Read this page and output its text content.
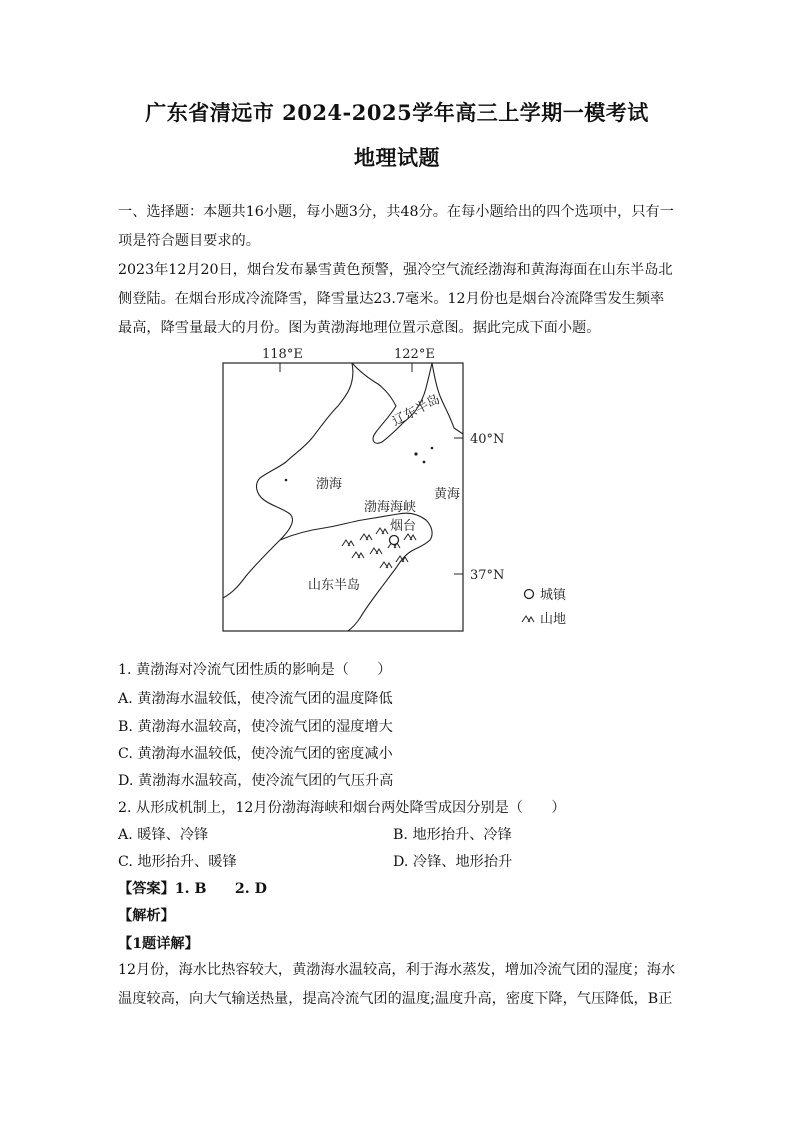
广东省清远市 2024-2025学年高三上学期一模考试
地理试题

一、选择题：本题共16小题，每小题3分，共48分。在每小题给出的四个选项中，只有一项是符合题目要求的。

2023年12月20日，烟台发布暴雪黄色预警，强冷空气流经渤海和黄海海面在山东半岛北侧登陆。在烟台形成冷流降雪，降雪量达23.7毫米。12月份也是烟台冷流降雪发生频率最高，降雪量最大的月份。图为黄渤海地理位置示意图。据此完成下面小题。

118°E	122°E
40°N
37°N
辽东半岛
渤海
渤海海峡
黄海
烟台
山东半岛
城镇
山地
1. 黄渤海对冷流气团性质的影响是（　　）
A. 黄渤海水温较低，使冷流气团的温度降低
B. 黄渤海水温较高，使冷流气团的湿度增大
C. 黄渤海水温较低，使冷流气团的密度减小
D. 黄渤海水温较高，使冷流气团的气压升高
2. 从形成机制上，12月份渤海海峡和烟台两处降雪成因分别是（　　）
A. 暖锋、冷锋	B. 地形抬升、冷锋
C. 地形抬升、暖锋	D. 冷锋、地形抬升
【答案】1. B　　2. D
【解析】
【1题详解】

12月份，海水比热容较大，黄渤海水温较高，利于海水蒸发，增加冷流气团的湿度；海水温度较高，向大气输送热量，提高冷流气团的温度;温度升高，密度下降，气压降低，B正
